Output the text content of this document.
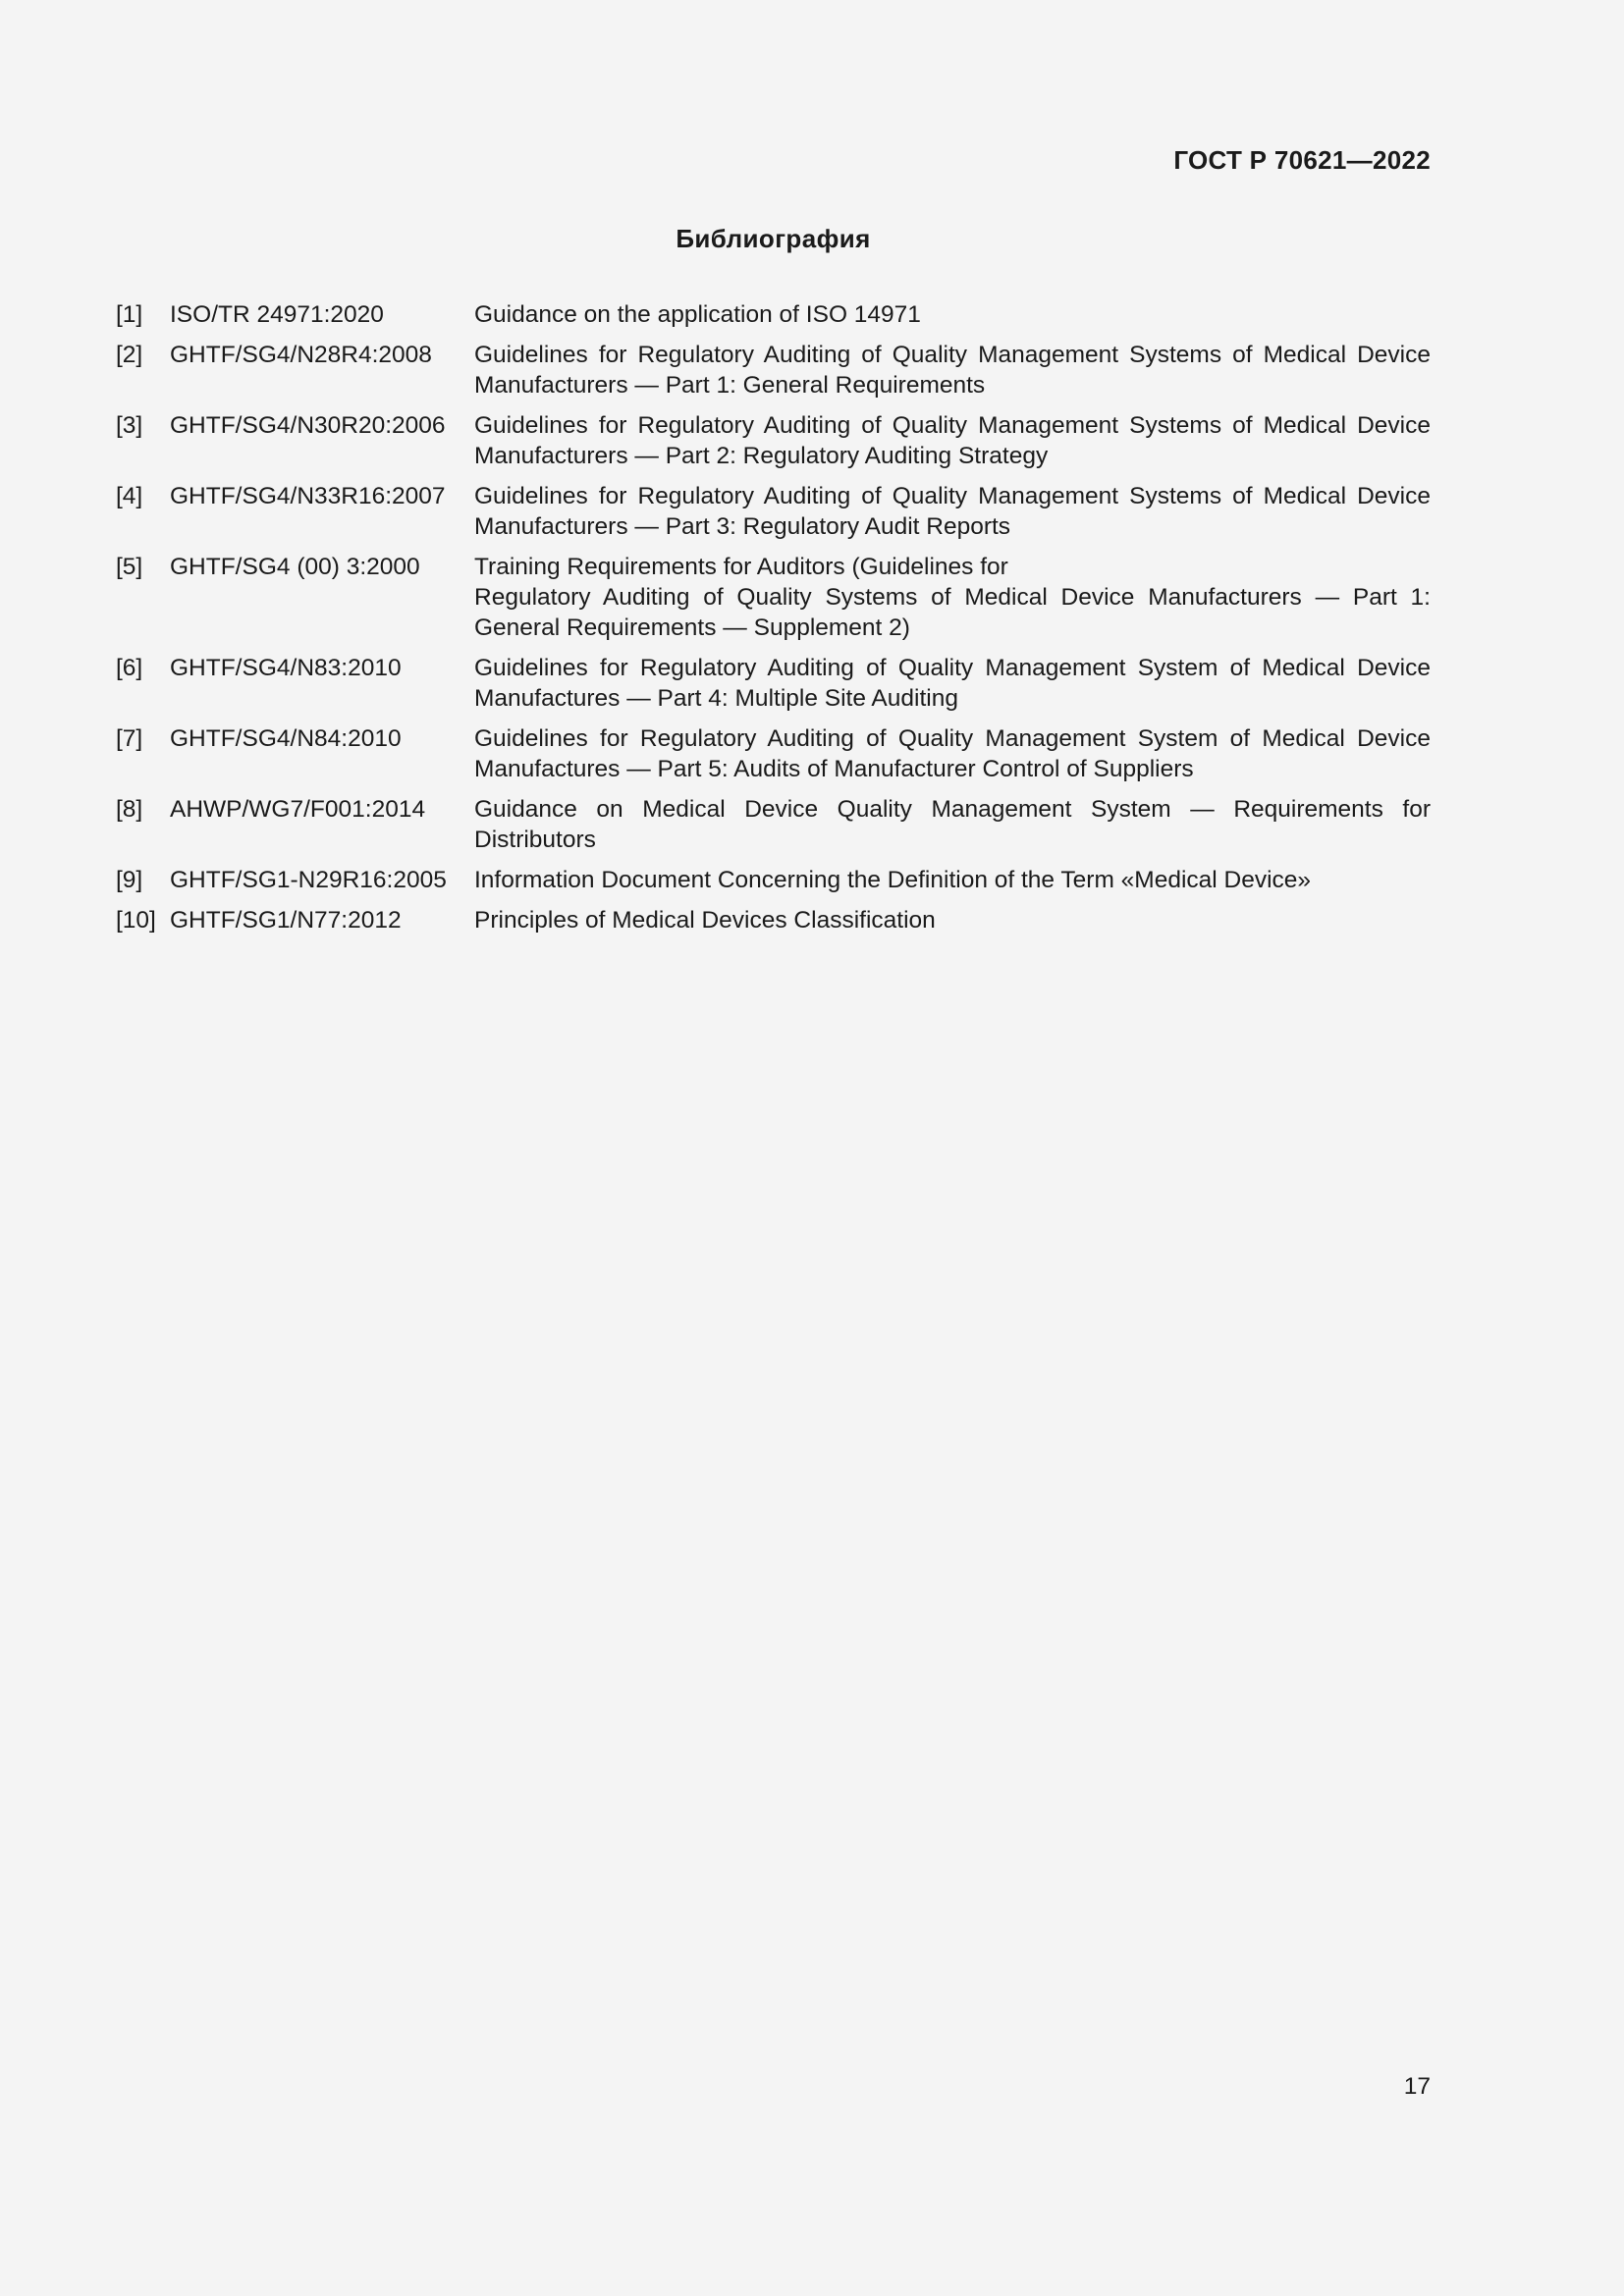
ГОСТ Р 70621—2022
Библиография
[1]	ISO/TR 24971:2020	Guidance on the application of ISO 14971
[2]	GHTF/SG4/N28R4:2008	Guidelines for Regulatory Auditing of Quality Management Systems of Medical Device Manufacturers — Part 1: General Requirements
[3]	GHTF/SG4/N30R20:2006	Guidelines for Regulatory Auditing of Quality Management Systems of Medical Device Manufacturers — Part 2: Regulatory Auditing Strategy
[4]	GHTF/SG4/N33R16:2007	Guidelines for Regulatory Auditing of Quality Management Systems of Medical Device Manufacturers — Part 3: Regulatory Audit Reports
[5]	GHTF/SG4 (00) 3:2000	Training Requirements for Auditors (Guidelines for
Regulatory Auditing of Quality Systems of Medical Device Manufacturers — Part 1: General Requirements — Supplement 2)
[6]	GHTF/SG4/N83:2010	Guidelines for Regulatory Auditing of Quality Management System of Medical Device Manufactures — Part 4: Multiple Site Auditing
[7]	GHTF/SG4/N84:2010	Guidelines for Regulatory Auditing of Quality Management System of Medical Device Manufactures — Part 5: Audits of Manufacturer Control of Suppliers
[8]	AHWP/WG7/F001:2014	Guidance on Medical Device Quality Management System — Requirements for Distributors
[9]	GHTF/SG1-N29R16:2005	Information Document Concerning the Definition of the Term «Medical Device»
[10] GHTF/SG1/N77:2012	Principles of Medical Devices Classification
17
